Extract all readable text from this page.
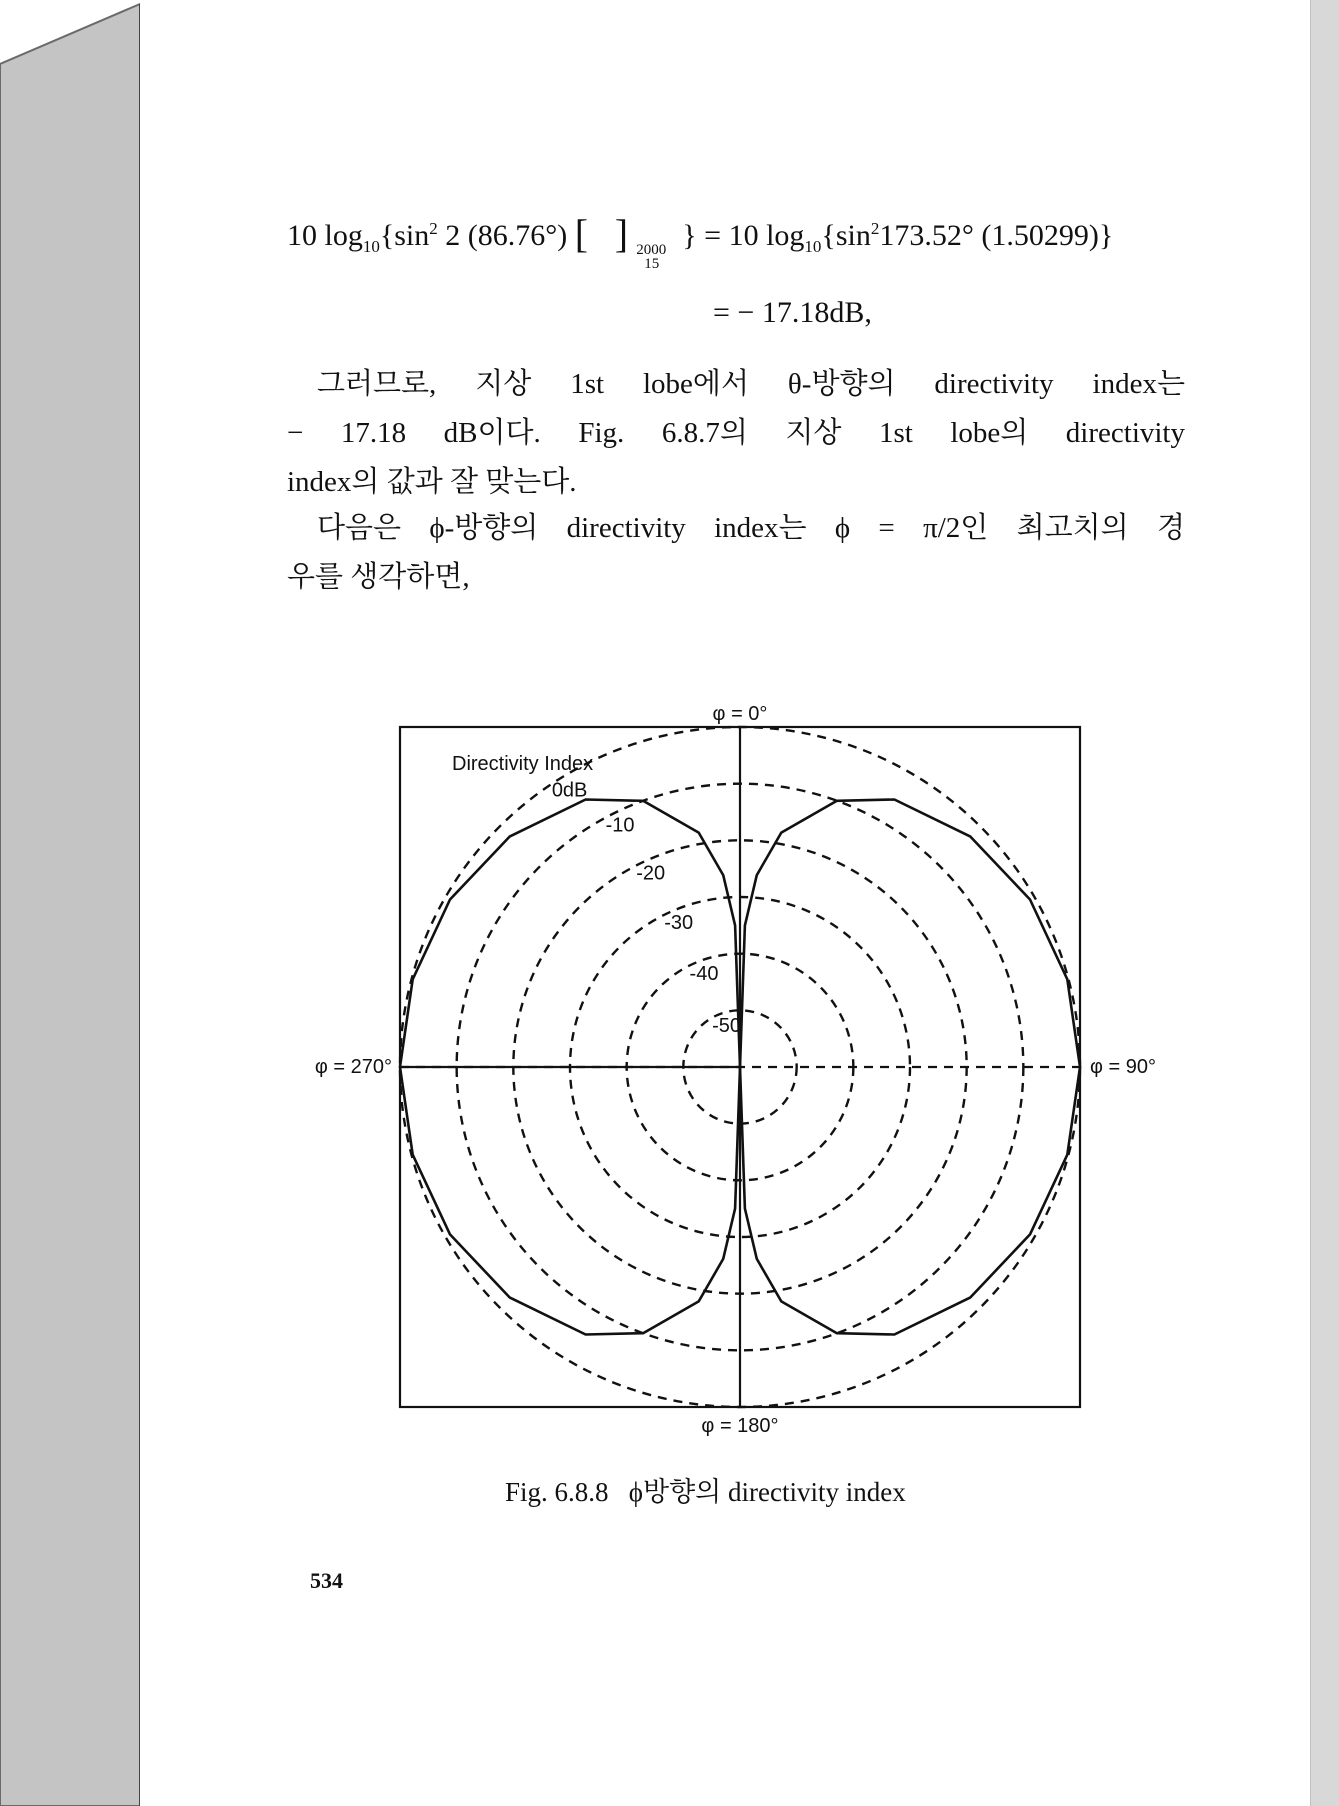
10 $\log_{10}\{\sin^2$ 2 (86.76°) [ ]
2000
15
} = 10 $\log_{10}\{\sin^2173.52^\circ$ (1.50299)}
= − 17.18dB,
그러므로, 지상 1st lobe에서 θ-방향의 directivity index는
− 17.18 dB이다. Fig. 6.8.7의 지상 1st lobe의 directivity
index의 값과 잘 맞는다.
다음은 ϕ-방향의 directivity index는 ϕ = π/2인 최고치의 경
우를 생각하면,
Directivity Index
φ = 0°
φ = 90°
φ = 180°
φ = 270°
0dB
-10
-20
-30
-40
-50
Fig. 6.8.8 ϕ방향의 directivity index
534
